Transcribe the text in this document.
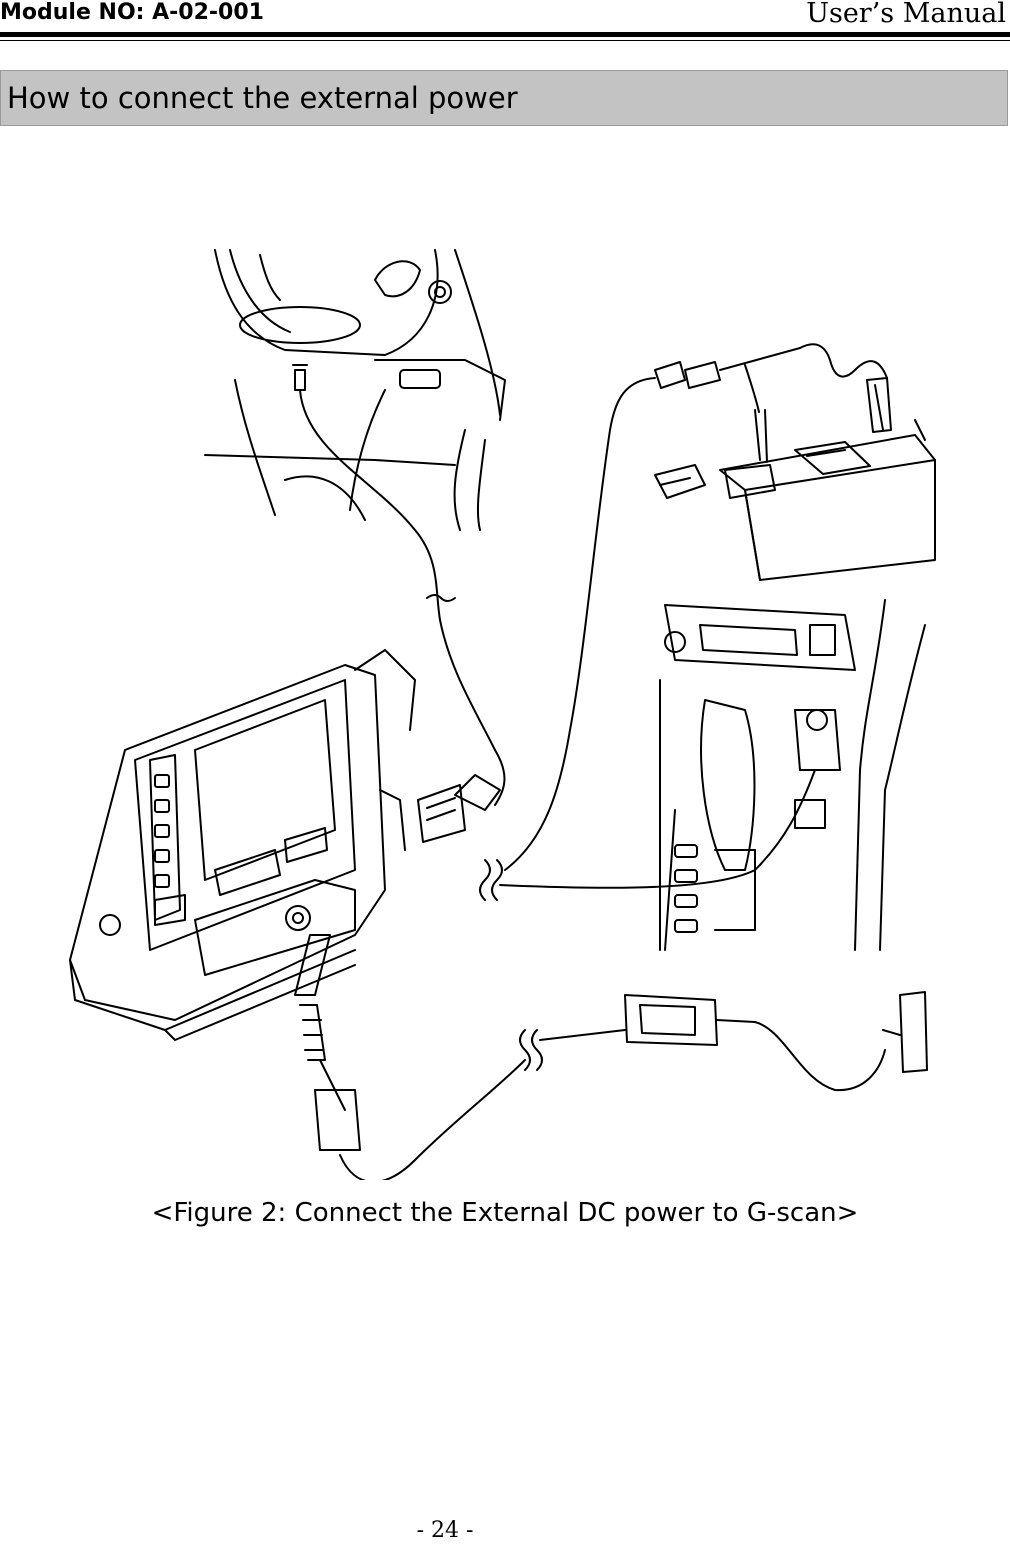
Module NO: A-02-001	User’s Manual
How to connect the external power
<Figure 2: Connect the External DC power to G-scan>
- 24 -
